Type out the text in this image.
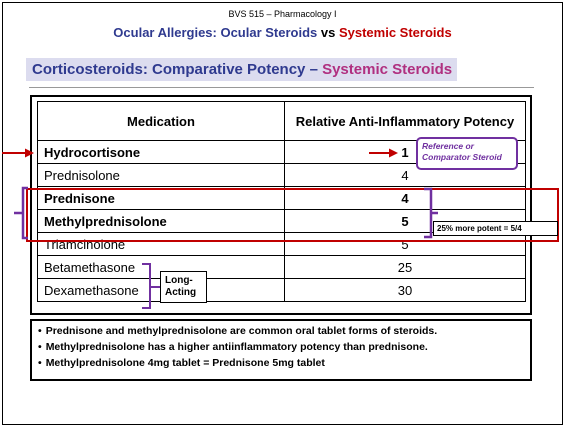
BVS 515 – Pharmacology I
Ocular Allergies: Ocular Steroids vs Systemic Steroids
Corticosteroids: Comparative Potency – Systemic Steroids
Medication	Relative Anti-Inflammatory Potency
Hydrocortisone	1
Prednisolone	4
Prednisone	4
Methylprednisolone	5
Triamcinolone	5
Betamethasone	25
Dexamethasone	30
Reference or
Comparator Steroid
Long-
Acting
25% more potent = 5/4
• Prednisone and methylprednisolone are common oral tablet forms of steroids.
• Methylprednisolone has a higher antiinflammatory potency than prednisone.
• Methylprednisolone 4mg tablet = Prednisone 5mg tablet
